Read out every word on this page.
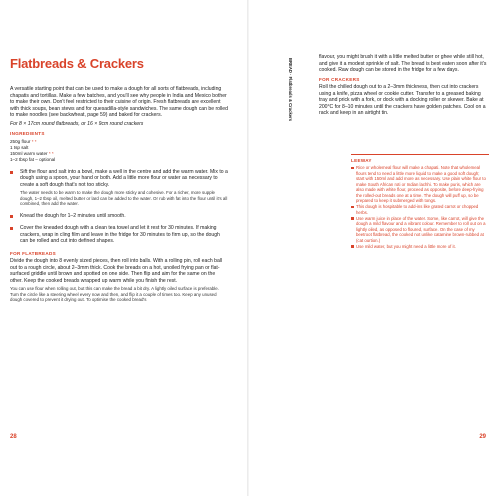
Flatbreads & Crackers

A versatile starting point that can be used to make a dough for all sorts of flatbreads, including chapatis and tortillas. Make a few batches, and you'll see why people in India and Mexico bother to make their own. Don't feel restricted to their cuisine of origin. Fresh flatbreads are excellent with thick soups, bean stews and for quesadilla-style sandwiches. The same dough can be rolled to make noodles (see backwheat, page 59) and baked for crackers.

For 8 × 17cm round flatbreads, or 16 × 9cm round crackers

INGREDIENTS
250g flour * *
1 tsp salt
150ml warm water * *
1–2 tbsp fat – optional

Sift the flour and salt into a bowl, make a well in the centre and add the warm water. Mix to a dough using a spoon, your hand or both. Add a little more flour or water as necessary to create a soft dough that's not too sticky.

The water needs to be warm to make the dough more sticky and cohesive. For a richer, more supple dough, 1–2 tbsp oil, melted butter or lard can be added to the water. Or rub with fat into the flour until it's all combined, then add the water.

Knead the dough for 1–2 minutes until smooth.

Cover the kneaded dough with a clean tea towel and let it rest for 30 minutes. If making crackers, wrap in cling film and leave in the fridge for 30 minutes to firm up, so the dough can be rolled and cut into defined shapes.

FOR FLATBREADS

Divide the dough into 8 evenly sized pieces, then roll into balls. With a rolling pin, roll each ball out to a rough circle, about 2–3mm thick. Cook the breads on a hot, unoiled frying pan or flat-surfaced griddle until brown and spotted on one side. Then flip and aim for the same on the other. Keep the cooked breads wrapped up warm while you finish the rest.

You can use flour when rolling out, but this can make the bread a bit dry. A lightly oiled surface is preferable. Turn the circle like a steering wheel every now and then, and flip it a couple of times too. Keep any unused dough covered to prevent it drying out. To optimise the cooked bread's

28
BREAD · Flatbreads & Crackers

flavour, you might brush it with a little melted butter or ghee while still hot, and give it a modest sprinkle of salt. The bread is best eaten soon after it's cooked. Raw dough can be stored in the fridge for a few days.

FOR CRACKERS

Roll the chilled dough out to a 2–3mm thickness, then cut into crackers using a knife, pizza wheel or cookie cutter. Transfer to a greased baking tray and prick with a fork, or dock with a docking roller or skewer. Bake at 200°C for 8–10 minutes until the crackers have golden patches. Cool on a rack and keep in an airtight tin.

LEEWAY
Rice or wholemeal flour will make a chapati. Note that wholemeal flours tend to need a little more liquid to make a good soft dough; start with 150ml and add more as necessary. Use plain white flour to make South African roti or Indian lachhi. To make puris, which are also made with white flour, proceed as opposite, before deep-frying the rolled-out breads one at a time. The dough will puff up, so be prepared to keep it submerged with tongs.
This dough is hospitable to add-ins like grated carrot or chopped herbs.
Use warm juice in place of the water. Some, like carrot, will give the dough a mild flavour and a vibrant colour. Remember to roll out on a lightly oiled, as opposed to floured, surface. On the case of my beetroot flatbread, the cooked not unlike catamine brown-rubbed at (cat ourtion.)
Use mild water, but you might need a little more of it.
29
